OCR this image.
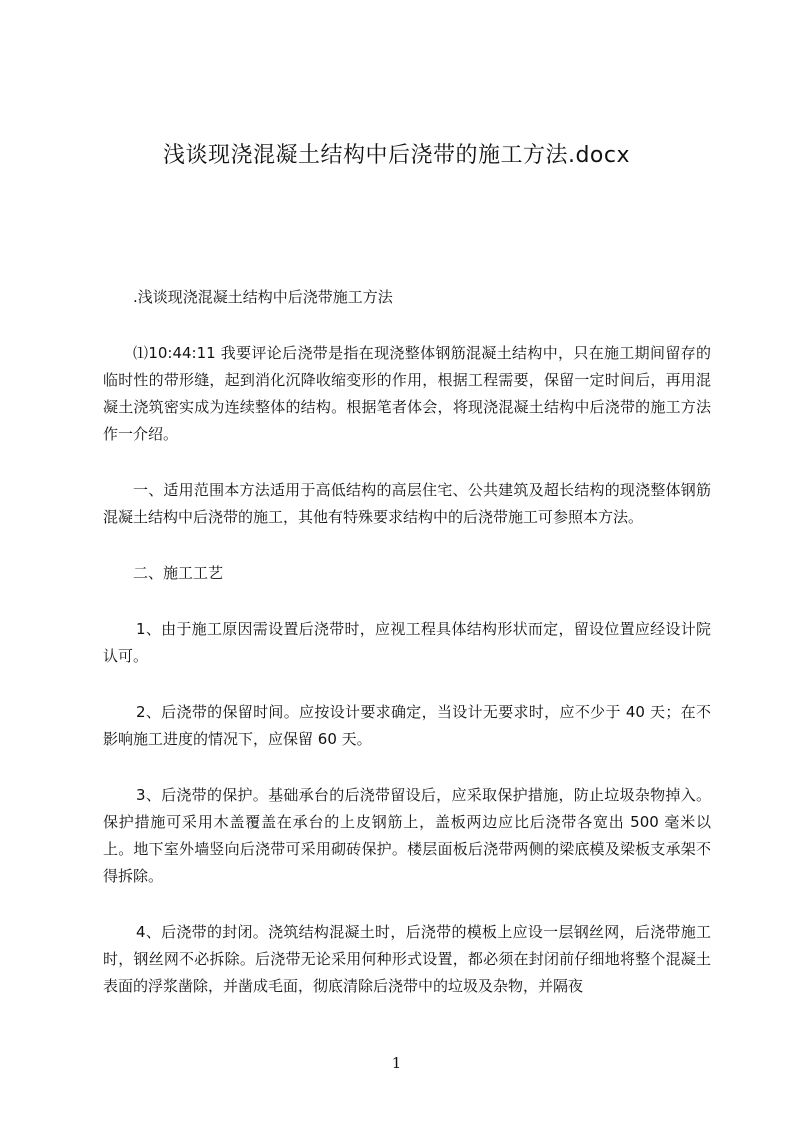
浅谈现浇混凝土结构中后浇带的施工方法.docx

.浅谈现浇混凝土结构中后浇带施工方法

⑴10:44:11 我要评论后浇带是指在现浇整体钢筋混凝土结构中，只在施工期间留存的临时性的带形缝，起到消化沉降收缩变形的作用，根据工程需要，保留一定时间后，再用混凝土浇筑密实成为连续整体的结构。根据笔者体会，将现浇混凝土结构中后浇带的施工方法作一介绍。

一、适用范围本方法适用于高低结构的高层住宅、公共建筑及超长结构的现浇整体钢筋混凝土结构中后浇带的施工，其他有特殊要求结构中的后浇带施工可参照本方法。

二、施工工艺

1、由于施工原因需设置后浇带时，应视工程具体结构形状而定，留设位置应经设计院认可。

2、后浇带的保留时间。应按设计要求确定，当设计无要求时，应不少于 40 天；在不影响施工进度的情况下，应保留 60 天。

3、后浇带的保护。基础承台的后浇带留设后，应采取保护措施，防止垃圾杂物掉入。保护措施可采用木盖覆盖在承台的上皮钢筋上，盖板两边应比后浇带各宽出 500 毫米以上。地下室外墙竖向后浇带可采用砌砖保护。楼层面板后浇带两侧的梁底模及梁板支承架不得拆除。

4、后浇带的封闭。浇筑结构混凝土时，后浇带的模板上应设一层钢丝网，后浇带施工时，钢丝网不必拆除。后浇带无论采用何种形式设置，都必须在封闭前仔细地将整个混凝土表面的浮浆凿除，并凿成毛面，彻底清除后浇带中的垃圾及杂物，并隔夜

1
